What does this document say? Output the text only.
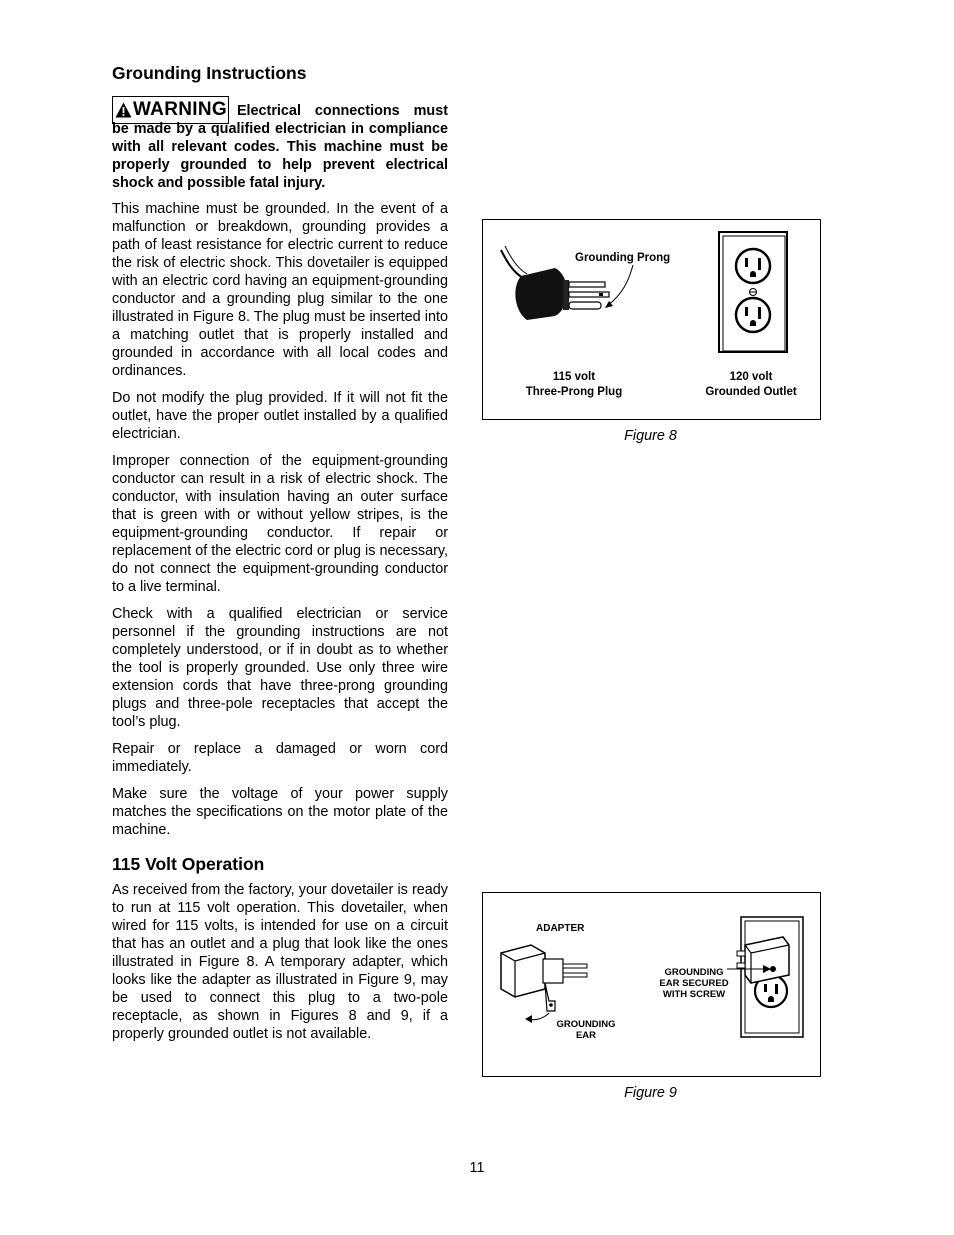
Grounding Instructions

WARNING Electrical connections must be made by a qualified electrician in compliance with all relevant codes. This machine must be properly grounded to help prevent electrical shock and possible fatal injury.

This machine must be grounded. In the event of a malfunction or breakdown, grounding provides a path of least resistance for electric current to reduce the risk of electric shock. This dovetailer is equipped with an electric cord having an equipment-grounding conductor and a grounding plug similar to the one illustrated in Figure 8. The plug must be inserted into a matching outlet that is properly installed and grounded in accordance with all local codes and ordinances.

Do not modify the plug provided. If it will not fit the outlet, have the proper outlet installed by a qualified electrician.

Improper connection of the equipment-grounding conductor can result in a risk of electric shock. The conductor, with insulation having an outer surface that is green with or without yellow stripes, is the equipment-grounding conductor. If repair or replacement of the electric cord or plug is necessary, do not connect the equipment-grounding conductor to a live terminal.

Check with a qualified electrician or service personnel if the grounding instructions are not completely understood, or if in doubt as to whether the tool is properly grounded. Use only three wire extension cords that have three-prong grounding plugs and three-pole receptacles that accept the tool’s plug.

Repair or replace a damaged or worn cord immediately.

Make sure the voltage of your power supply matches the specifications on the motor plate of the machine.

115 Volt Operation

As received from the factory, your dovetailer is ready to run at 115 volt operation. This dovetailer, when wired for 115 volts, is intended for use on a circuit that has an outlet and a plug that look like the ones illustrated in Figure 8. A temporary adapter, which looks like the adapter as illustrated in Figure 9, may be used to connect this plug to a two-pole receptacle, as shown in Figures 8 and 9, if a properly grounded outlet is not available.

Grounding Prong
115 volt
Three-Prong Plug
120 volt
Grounded Outlet
Figure 8
ADAPTER
GROUNDING
EAR
GROUNDING
EAR SECURED
WITH SCREW
Figure 9
11
